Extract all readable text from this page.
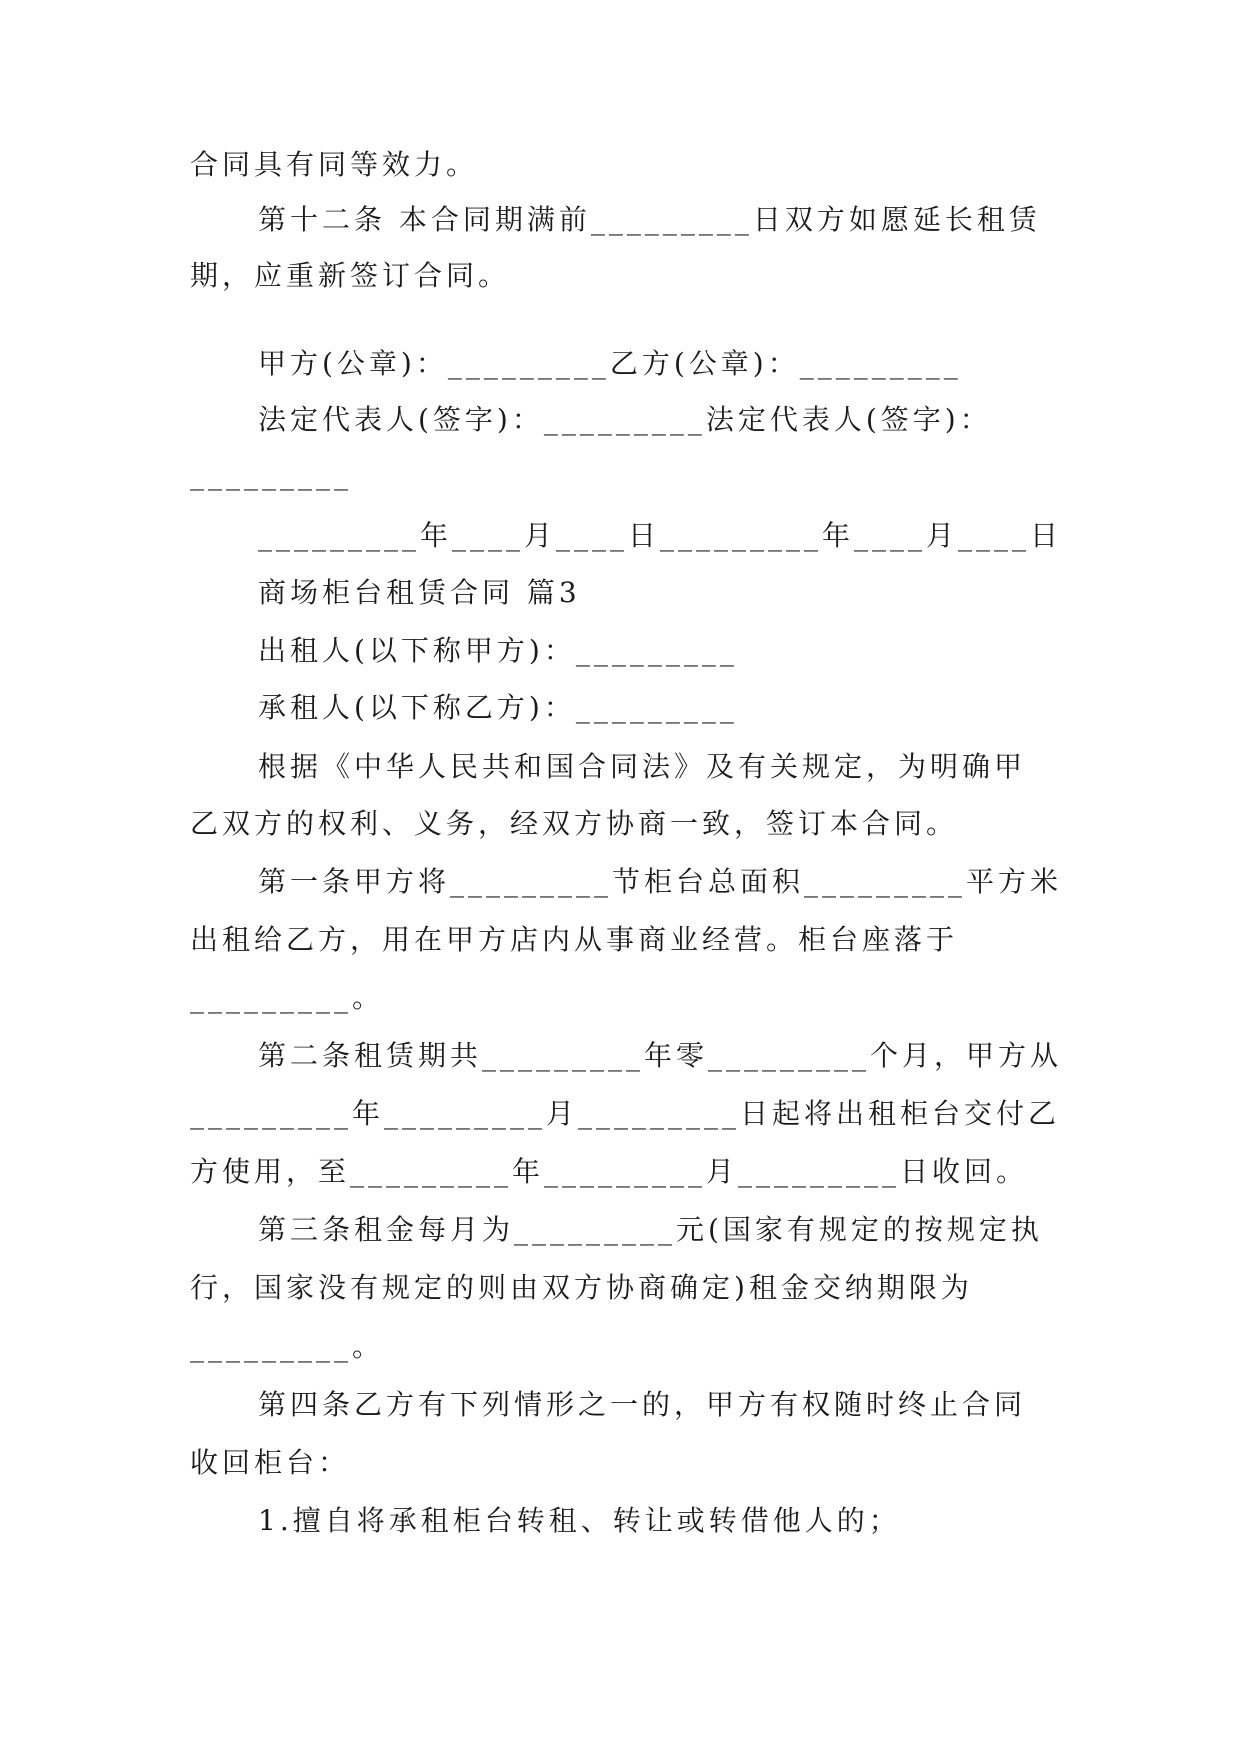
合同具有同等效力。
第十二条 本合同期满前_________日双方如愿延长租赁
期，应重新签订合同。
甲方(公章)：_________乙方(公章)：_________
法定代表人(签字)：_________法定代表人(签字)：
_________
_________年____月____日_________年____月____日
商场柜台租赁合同 篇3
出租人(以下称甲方)：_________
承租人(以下称乙方)：_________
根据《中华人民共和国合同法》及有关规定，为明确甲
乙双方的权利、义务，经双方协商一致，签订本合同。
第一条甲方将_________节柜台总面积_________平方米
出租给乙方，用在甲方店内从事商业经营。柜台座落于
_________。
第二条租赁期共_________年零_________个月，甲方从
_________年_________月_________日起将出租柜台交付乙
方使用，至_________年_________月_________日收回。
第三条租金每月为_________元(国家有规定的按规定执
行，国家没有规定的则由双方协商确定)租金交纳期限为
_________。
第四条乙方有下列情形之一的，甲方有权随时终止合同
收回柜台：
1.擅自将承租柜台转租、转让或转借他人的；
